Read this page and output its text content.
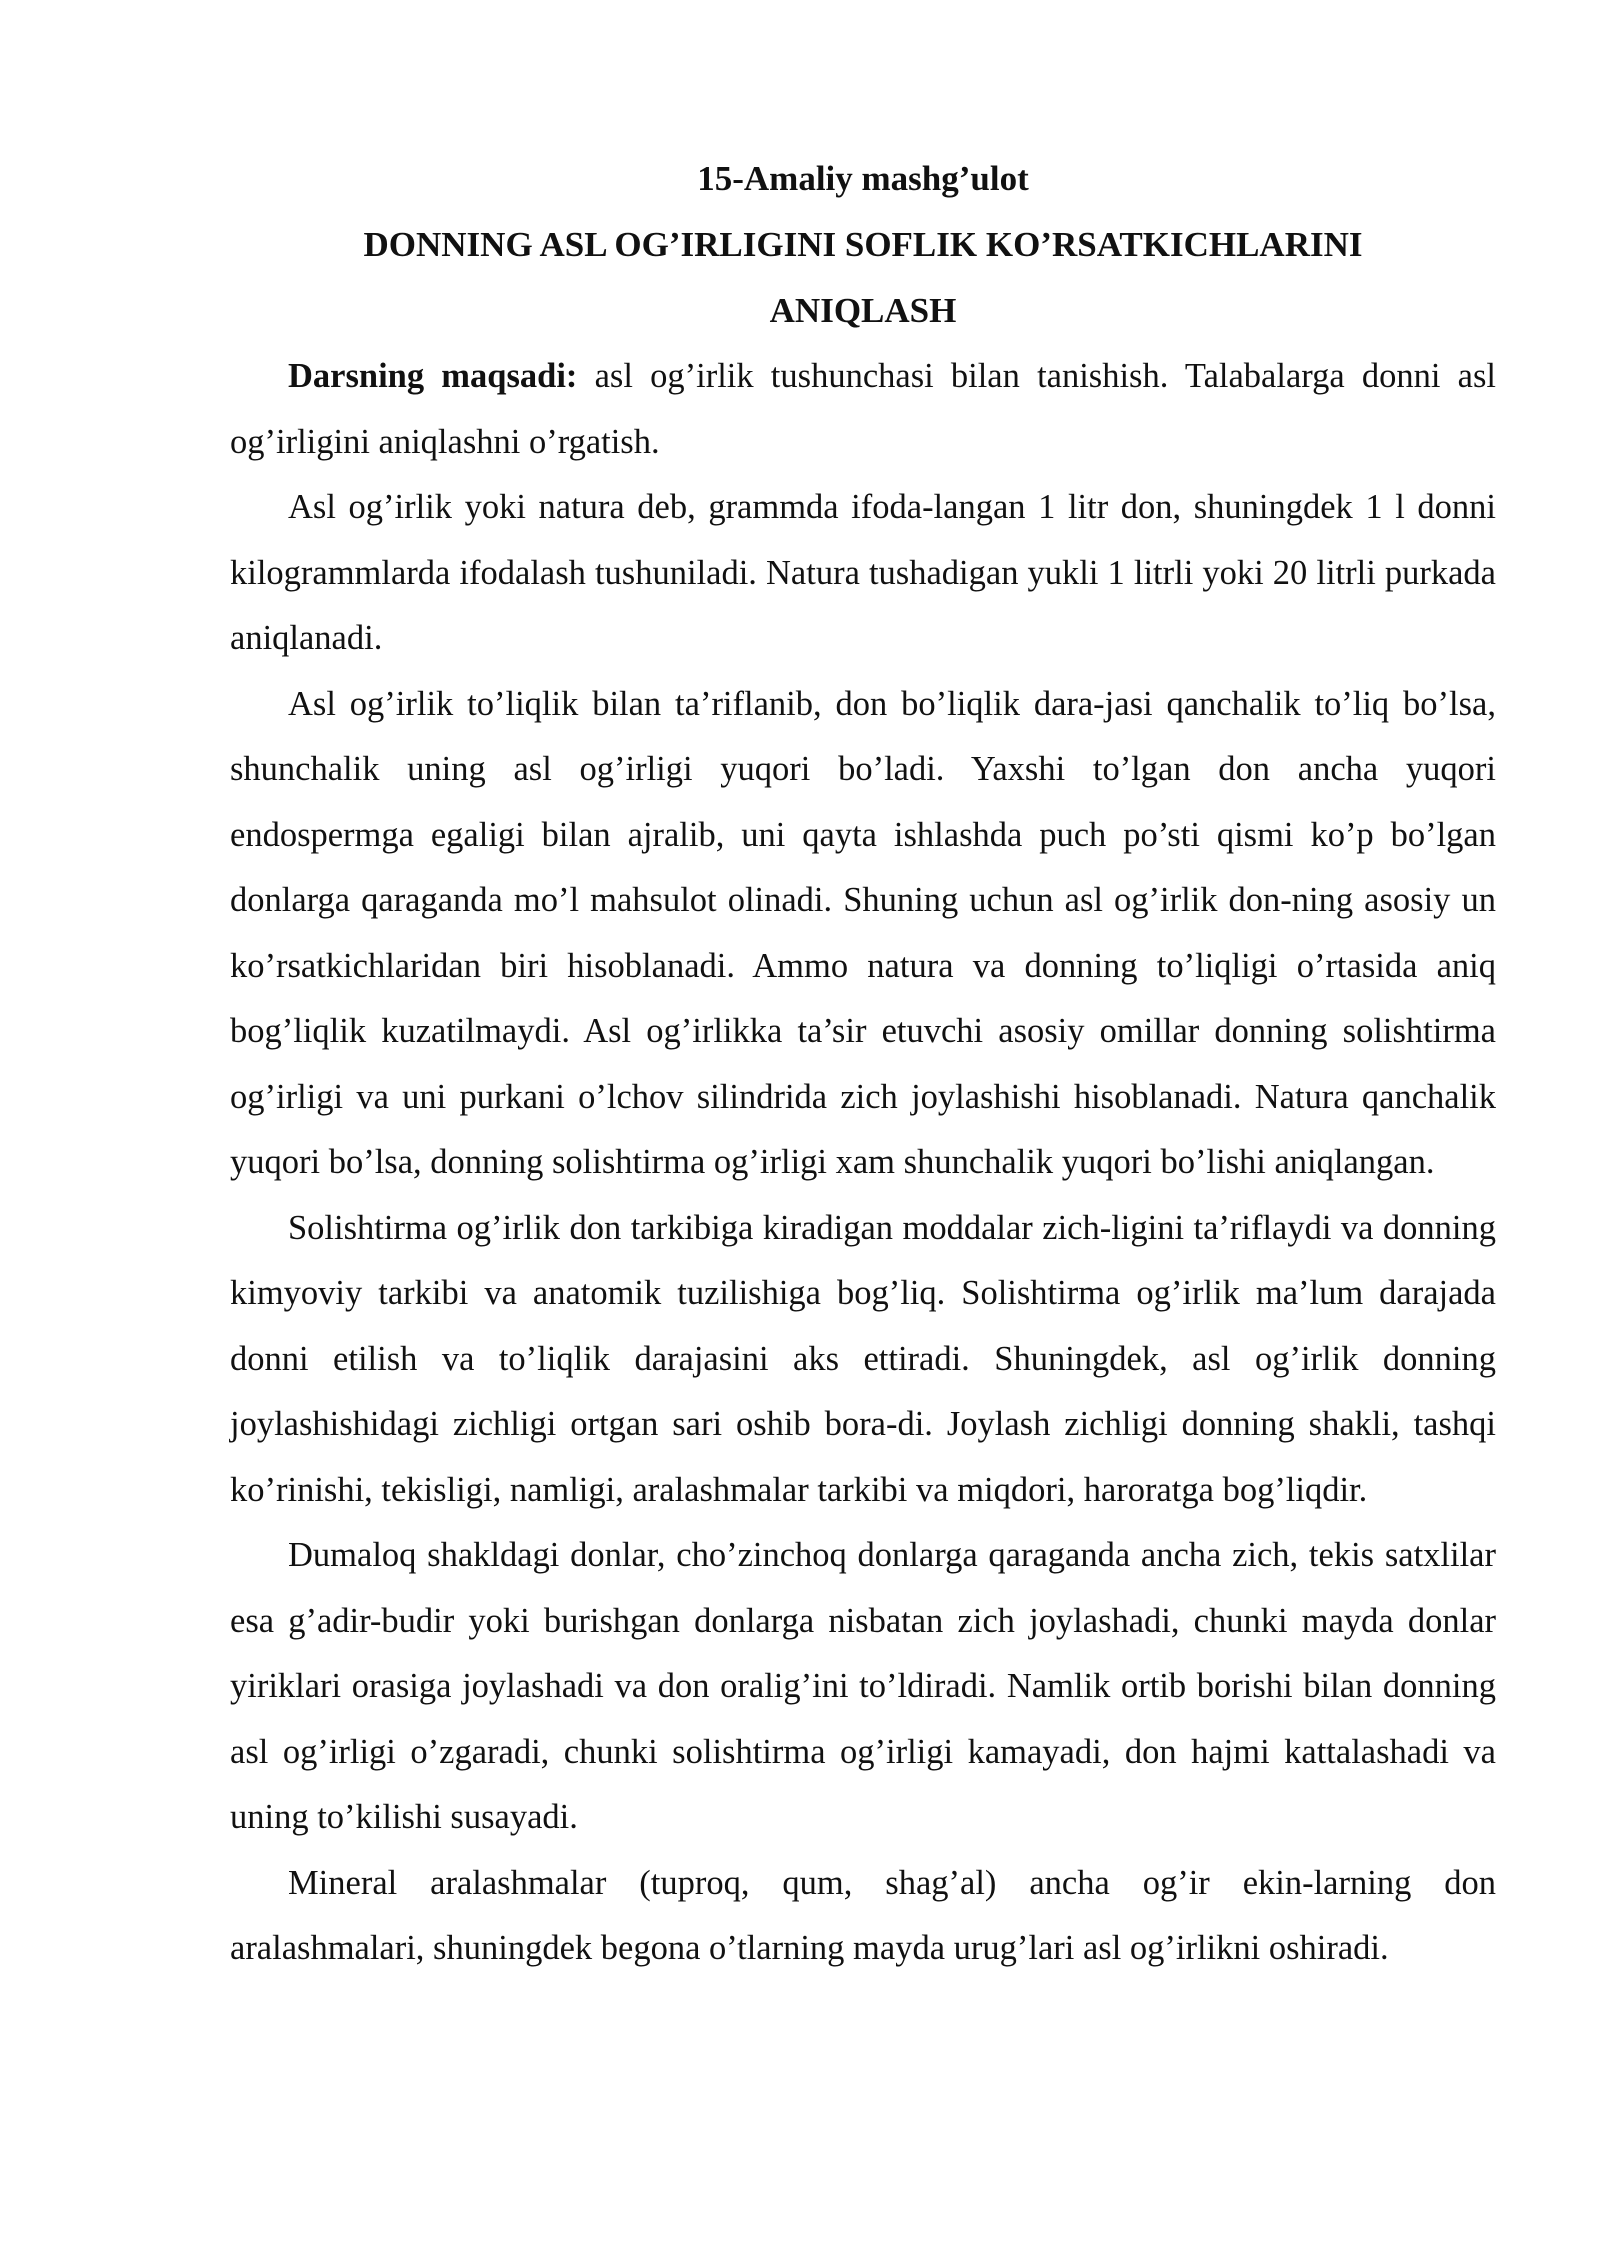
15-Amaliy mashg’ulot

DONNING ASL OG’IRLIGINI SOFLIK KO’RSATKICHLARINI ANIQLASH

Darsning maqsadi: asl og’irlik tushunchasi bilan tanishish. Talabalarga donni asl og’irligini aniqlashni o’rgatish.

Asl og’irlik yoki natura deb, grammda ifoda-langan 1 litr don, shuningdek 1 l donni kilogrammlarda ifodalash tushuniladi. Natura tushadigan yukli 1 litrli yoki 20 litrli purkada aniqlanadi.

Asl og’irlik to’liqlik bilan ta’riflanib, don bo’liqlik dara-jasi qanchalik to’liq bo’lsa, shunchalik uning asl og’irligi yuqori bo’ladi. Yaxshi to’lgan don ancha yuqori endospermga egaligi bilan ajralib, uni qayta ishlashda puch po’sti qismi ko’p bo’lgan donlarga qaraganda mo’l mahsulot olinadi. Shuning uchun asl og’irlik don-ning asosiy un ko’rsatkichlaridan biri hisoblanadi. Ammo natura va donning to’liqligi o’rtasida aniq bog’liqlik kuzatilmaydi. Asl og’irlikka ta’sir etuvchi asosiy omillar donning solishtirma og’irligi va uni purkani o’lchov silindrida zich joylashishi hisoblanadi. Natura qanchalik yuqori bo’lsa, donning solishtirma og’irligi xam shunchalik yuqori bo’lishi aniqlangan.

Solishtirma og’irlik don tarkibiga kiradigan moddalar zich-ligini ta’riflaydi va donning kimyoviy tarkibi va anatomik tuzilishiga bog’liq. Solishtirma og’irlik ma’lum darajada donni etilish va to’liqlik darajasini aks ettiradi. Shuningdek, asl og’irlik donning joylashishidagi zichligi ortgan sari oshib bora-di. Joylash zichligi donning shakli, tashqi ko’rinishi, tekisligi, namligi, aralashmalar tarkibi va miqdori, haroratga bog’liqdir.

Dumaloq shakldagi donlar, cho’zinchoq donlarga qaraganda ancha zich, tekis satxlilar esa g’adir-budir yoki burishgan donlarga nisbatan zich joylashadi, chunki mayda donlar yiriklari orasiga joylashadi va don oralig’ini to’ldiradi. Namlik ortib borishi bilan donning asl og’irligi o’zgaradi, chunki solishtirma og’irligi kamayadi, don hajmi kattalashadi va uning to’kilishi susayadi.

Mineral aralashmalar (tuproq, qum, shag’al) ancha og’ir ekin-larning don aralashmalari, shuningdek begona o’tlarning mayda urug’lari asl og’irlikni oshiradi.
